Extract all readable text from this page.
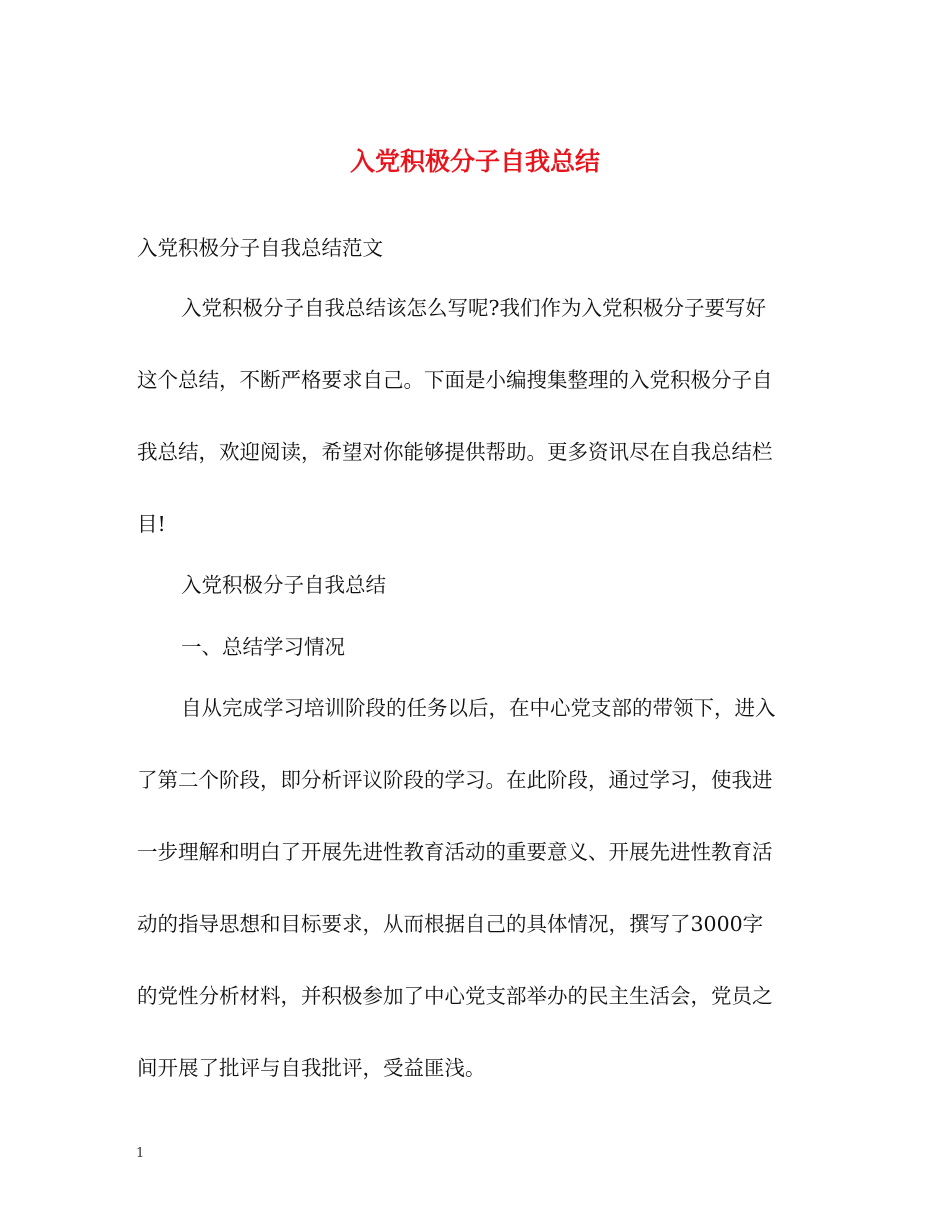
入党积极分子自我总结
入党积极分子自我总结范文
入党积极分子自我总结该怎么写呢?我们作为入党积极分子要写好
这个总结，不断严格要求自己。下面是小编搜集整理的入党积极分子自
我总结，欢迎阅读，希望对你能够提供帮助。更多资讯尽在自我总结栏
目!
入党积极分子自我总结
一、总结学习情况
自从完成学习培训阶段的任务以后，在中心党支部的带领下，进入
了第二个阶段，即分析评议阶段的学习。在此阶段，通过学习，使我进
一步理解和明白了开展先进性教育活动的重要意义、开展先进性教育活
动的指导思想和目标要求，从而根据自己的具体情况，撰写了3000字
的党性分析材料，并积极参加了中心党支部举办的民主生活会，党员之
间开展了批评与自我批评，受益匪浅。
1
